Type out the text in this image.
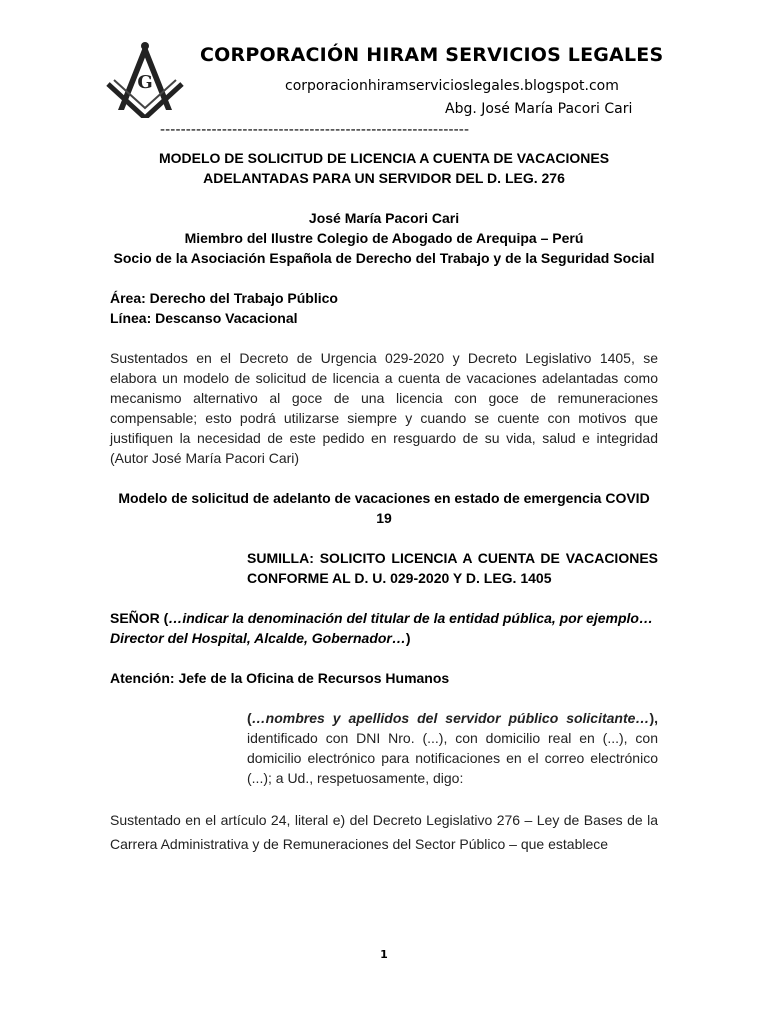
G
CORPORACIÓN HIRAM SERVICIOS LEGALES
corporacionhiramservicioslegales.blogspot.com
Abg. José María Pacori Cari
------------------------------------------------------------

MODELO DE SOLICITUD DE LICENCIA A CUENTA DE VACACIONES

ADELANTADAS PARA UN SERVIDOR DEL D. LEG. 276

José María Pacori Cari

Miembro del Ilustre Colegio de Abogado de Arequipa – Perú

Socio de la Asociación Española de Derecho del Trabajo y de la Seguridad Social

Área: Derecho del Trabajo Público

Línea: Descanso Vacacional

Sustentados en el Decreto de Urgencia 029-2020 y Decreto Legislativo 1405, se elabora un modelo de solicitud de licencia a cuenta de vacaciones adelantadas como mecanismo alternativo al goce de una licencia con goce de remuneraciones compensable; esto podrá utilizarse siempre y cuando se cuente con motivos que justifiquen la necesidad de este pedido en resguardo de su vida, salud e integridad (Autor José María Pacori Cari)

Modelo de solicitud de adelanto de vacaciones en estado de emergencia COVID 19

SUMILLA: SOLICITO LICENCIA A CUENTA DE VACACIONES CONFORME AL D. U. 029-2020 Y D. LEG. 1405

SEÑOR (…indicar la denominación del titular de la entidad pública, por ejemplo… Director del Hospital, Alcalde, Gobernador…)

Atención: Jefe de la Oficina de Recursos Humanos

(…nombres y apellidos del servidor público solicitante…), identificado con DNI Nro. (...), con domicilio real en (...), con domicilio electrónico para notificaciones en el correo electrónico (...); a Ud., respetuosamente, digo:

Sustentado en el artículo 24, literal e) del Decreto Legislativo 276 – Ley de Bases de la Carrera Administrativa y de Remuneraciones del Sector Público – que establece

1
